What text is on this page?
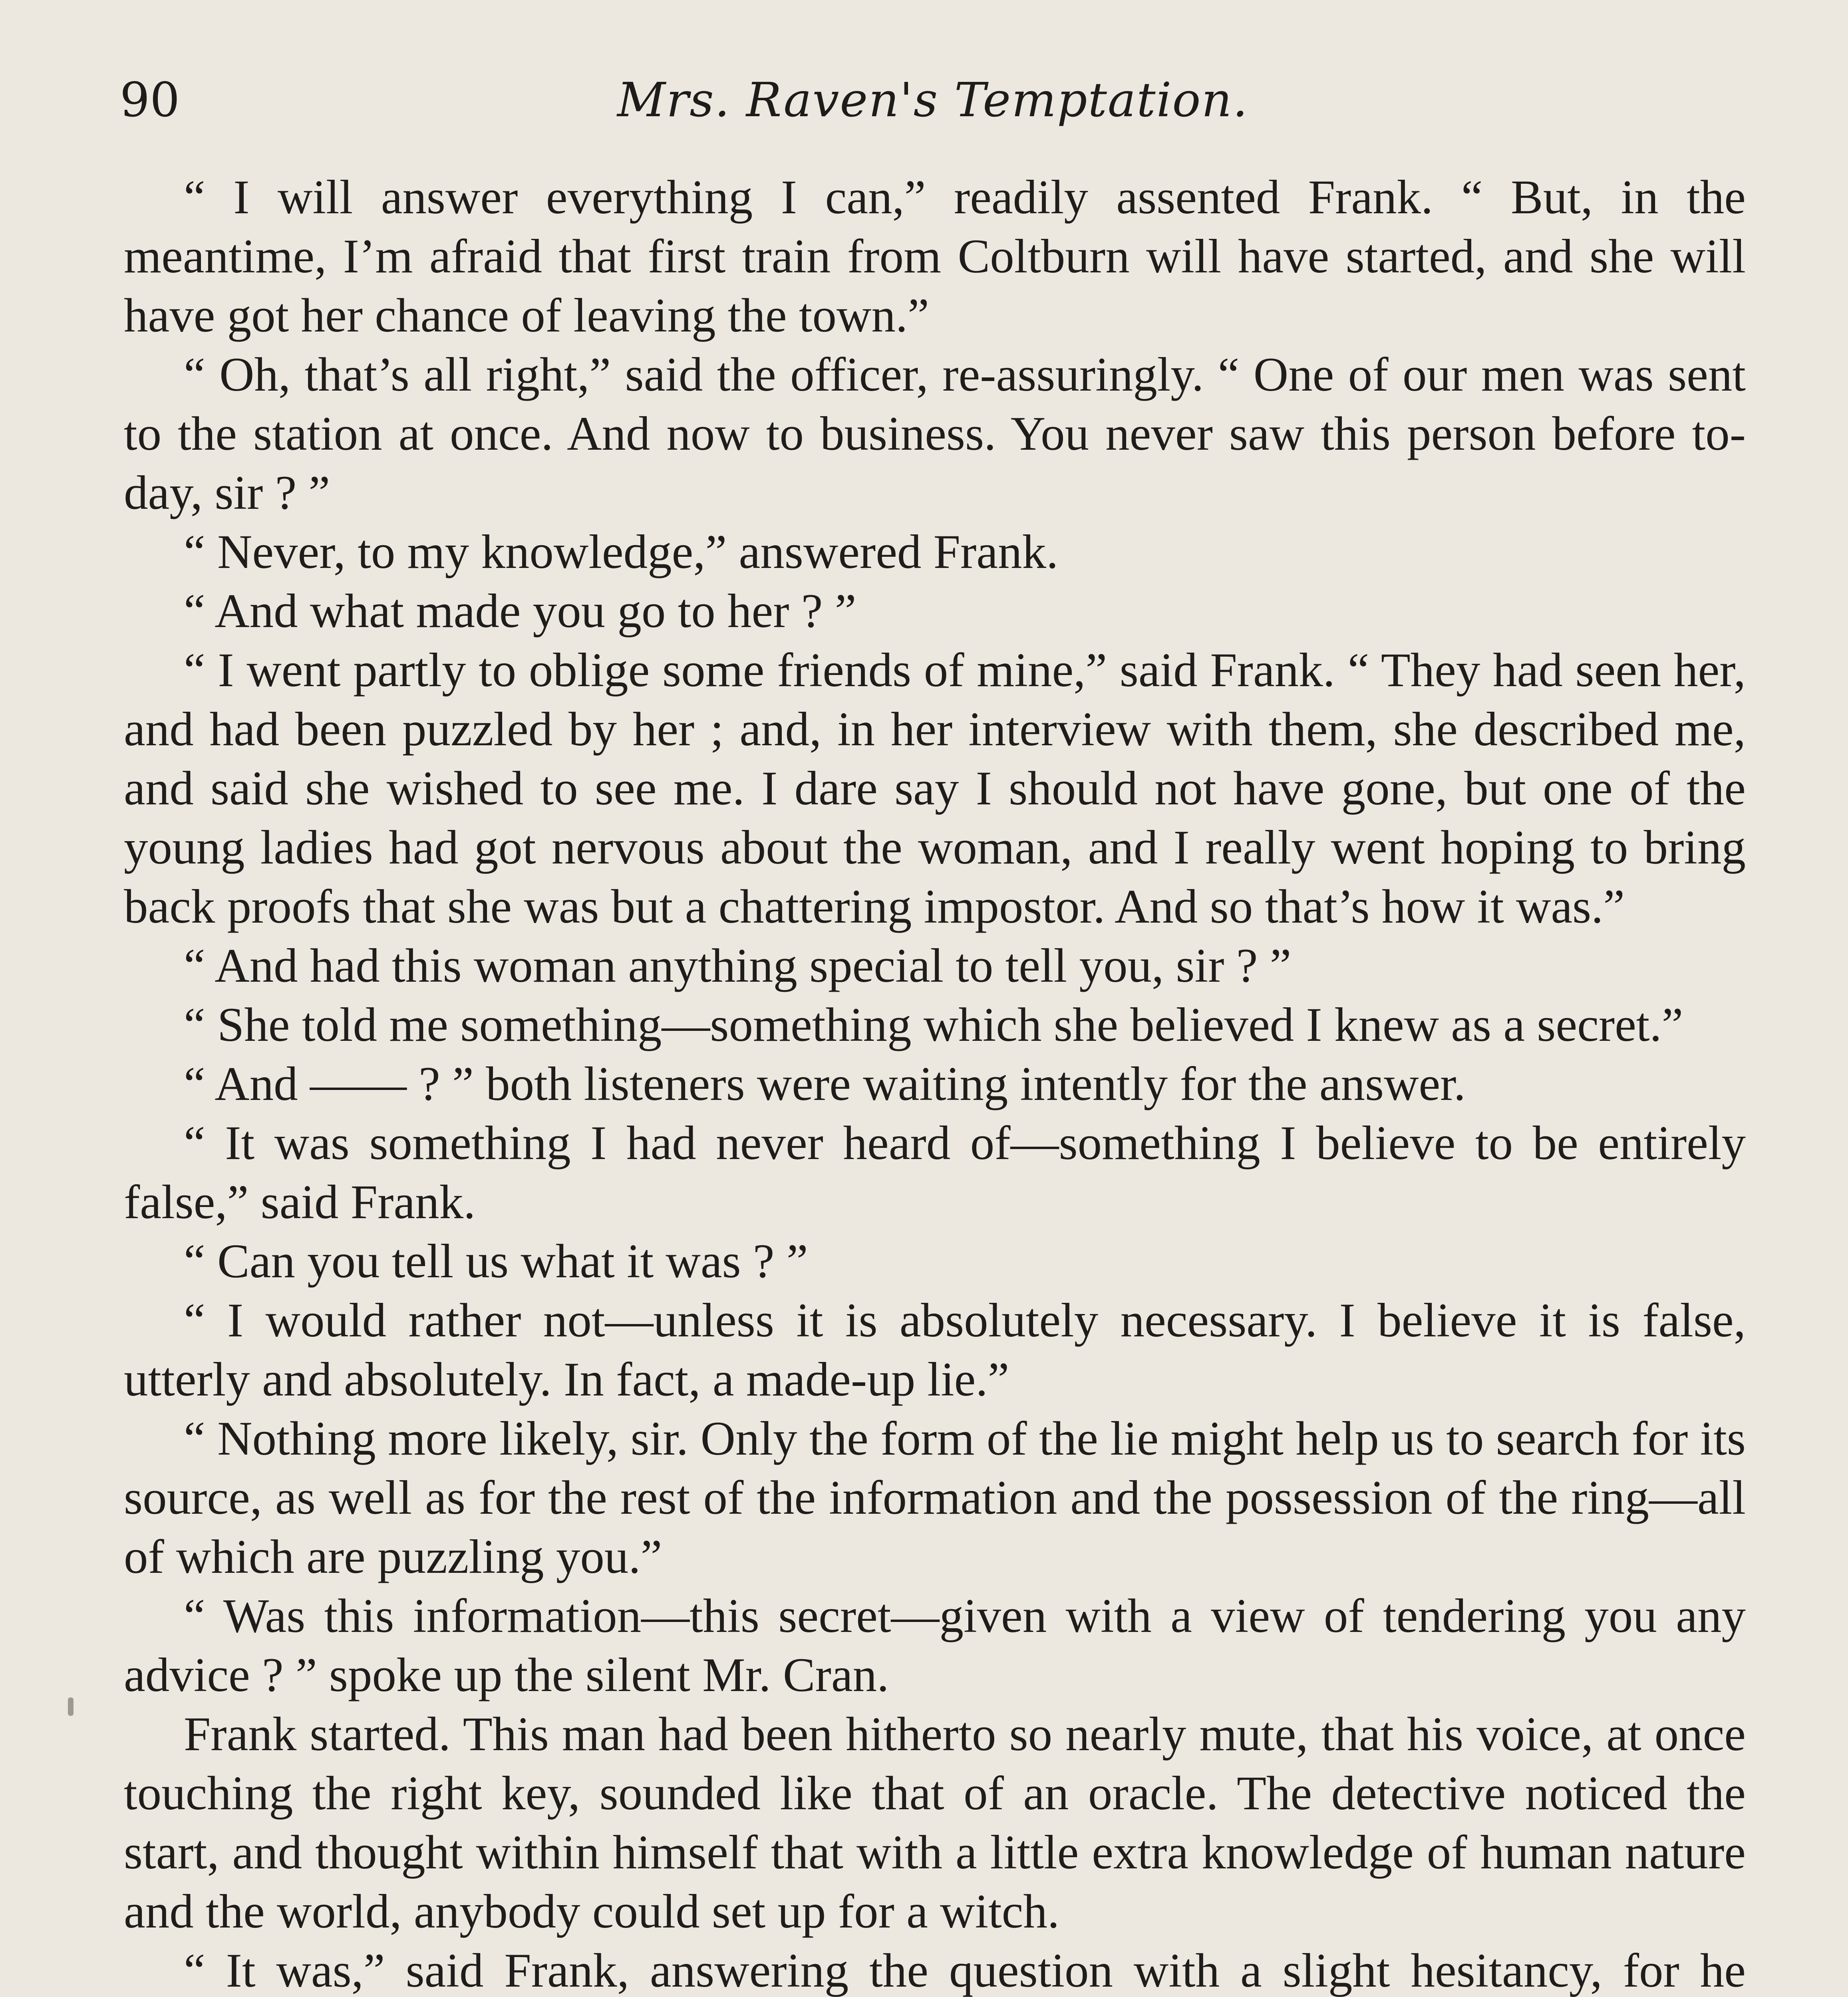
90	Mrs. Raven's Temptation.

“ I will answer everything I can,” readily assented Frank. “ But, in the meantime, I’m afraid that first train from Coltburn will have started, and she will have got her chance of leaving the town.”

“ Oh, that’s all right,” said the officer, re-assuringly. “ One of our men was sent to the station at once. And now to business. You never saw this person before to-day, sir ? ”

“ Never, to my knowledge,” answered Frank.

“ And what made you go to her ? ”

“ I went partly to oblige some friends of mine,” said Frank. “ They had seen her, and had been puzzled by her ; and, in her interview with them, she described me, and said she wished to see me. I dare say I should not have gone, but one of the young ladies had got nervous about the woman, and I really went hoping to bring back proofs that she was but a chattering impostor. And so that’s how it was.”

“ And had this woman anything special to tell you, sir ? ”

“ She told me something—something which she believed I knew as a secret.”

“ And —— ? ” both listeners were waiting intently for the answer.

“ It was something I had never heard of—something I believe to be entirely false,” said Frank.

“ Can you tell us what it was ? ”

“ I would rather not—unless it is absolutely necessary. I believe it is false, utterly and absolutely. In fact, a made-up lie.”

“ Nothing more likely, sir. Only the form of the lie might help us to search for its source, as well as for the rest of the information and the possession of the ring—all of which are puzzling you.”

“ Was this information—this secret—given with a view of tendering you any advice ? ” spoke up the silent Mr. Cran.

Frank started. This man had been hitherto so nearly mute, that his voice, at once touching the right key, sounded like that of an oracle. The detective noticed the start, and thought within himself that with a little extra knowledge of human nature and the world, anybody could set up for a witch.

“ It was,” said Frank, answering the question with a slight hesitancy, for he
